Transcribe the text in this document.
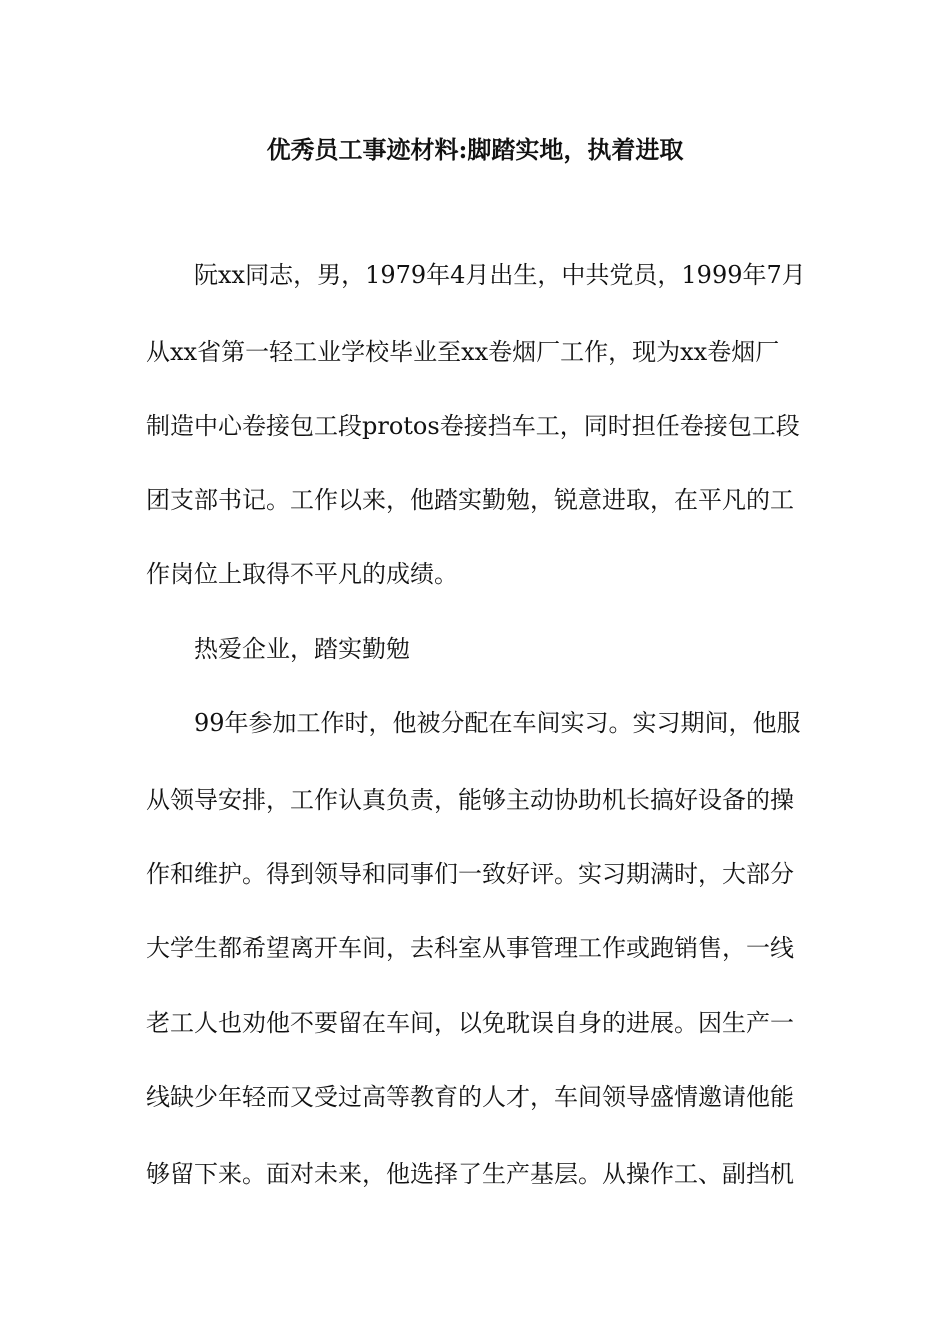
优秀员工事迹材料:脚踏实地，执着进取
阮xx同志，男，1979年4月出生，中共党员，1999年7月
从xx省第一轻工业学校毕业至xx卷烟厂工作，现为xx卷烟厂
制造中心卷接包工段protos卷接挡车工，同时担任卷接包工段
团支部书记。工作以来，他踏实勤勉，锐意进取，在平凡的工
作岗位上取得不平凡的成绩。
热爱企业，踏实勤勉
99年参加工作时，他被分配在车间实习。实习期间，他服
从领导安排，工作认真负责，能够主动协助机长搞好设备的操
作和维护。得到领导和同事们一致好评。实习期满时，大部分
大学生都希望离开车间，去科室从事管理工作或跑销售，一线
老工人也劝他不要留在车间，以免耽误自身的进展。因生产一
线缺少年轻而又受过高等教育的人才，车间领导盛情邀请他能
够留下来。面对未来，他选择了生产基层。从操作工、副挡机
